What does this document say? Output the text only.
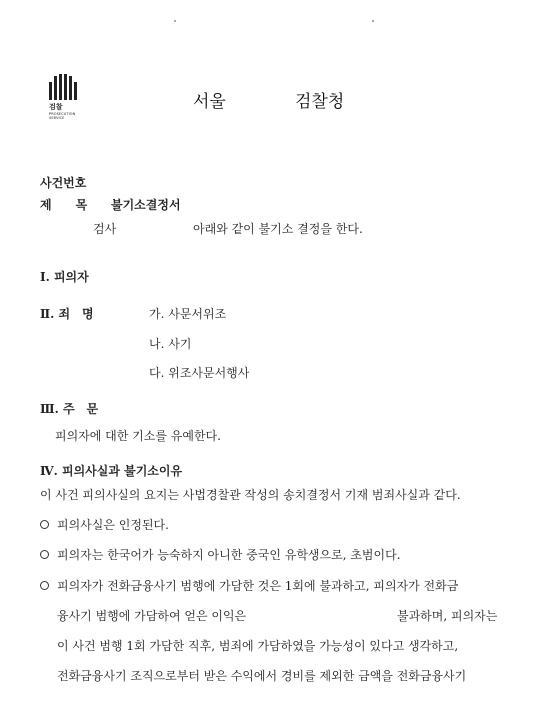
검찰
PROSECUTION SERVICE
서울	검찰청
사건번호
제　　목 불기소결정서
검사	아래와 같이 불기소 결정을 한다.
Ⅰ. 피의자
Ⅱ. 죄　명	가. 사문서위조
나. 사기
다. 위조사문서행사
Ⅲ. 주　문
피의자에 대한 기소를 유예한다.
Ⅳ. 피의사실과 불기소이유
이 사건 피의사실의 요지는 사법경찰관 작성의 송치결정서 기재 범죄사실과 같다.
피의사실은 인정된다.
피의자는 한국어가 능숙하지 아니한 중국인 유학생으로, 초범이다.
피의자가 전화금융사기 범행에 가담한 것은 1회에 불과하고, 피의자가 전화금
융사기 범행에 가담하여 얻은 이익은	불과하며, 피의자는
이 사건 범행 1회 가담한 직후, 범죄에 가담하였을 가능성이 있다고 생각하고,
전화금융사기 조직으로부터 받은 수익에서 경비를 제외한 금액을 전화금융사기
